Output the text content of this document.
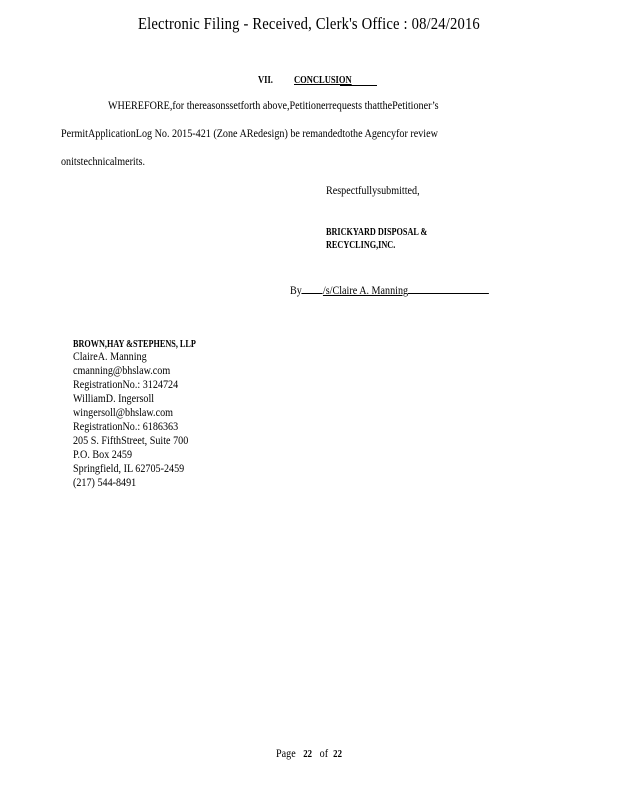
Electronic Filing - Received, Clerk's Office : 08/24/2016
VII. CONCLUSION
WHEREFORE,for thereasonssetforth above,Petitionerrequests thatthePetitioner’s
PermitApplicationLog No. 2015-421 (Zone ARedesign) be remandedtothe Agencyfor review
onitstechnicalmerits.
Respectfullysubmitted,
BRICKYARD DISPOSAL &
RECYCLING,INC.
By /s/Claire A. Manning
BROWN,HAY &STEPHENS, LLP
ClaireA. Manning
cmanning@bhslaw.com
RegistrationNo.: 3124724
WilliamD. Ingersoll
wingersoll@bhslaw.com
RegistrationNo.: 6186363
205 S. FifthStreet, Suite 700
P.O. Box 2459
Springfield, IL 62705-2459
(217) 544-8491
Page 22 of 22
